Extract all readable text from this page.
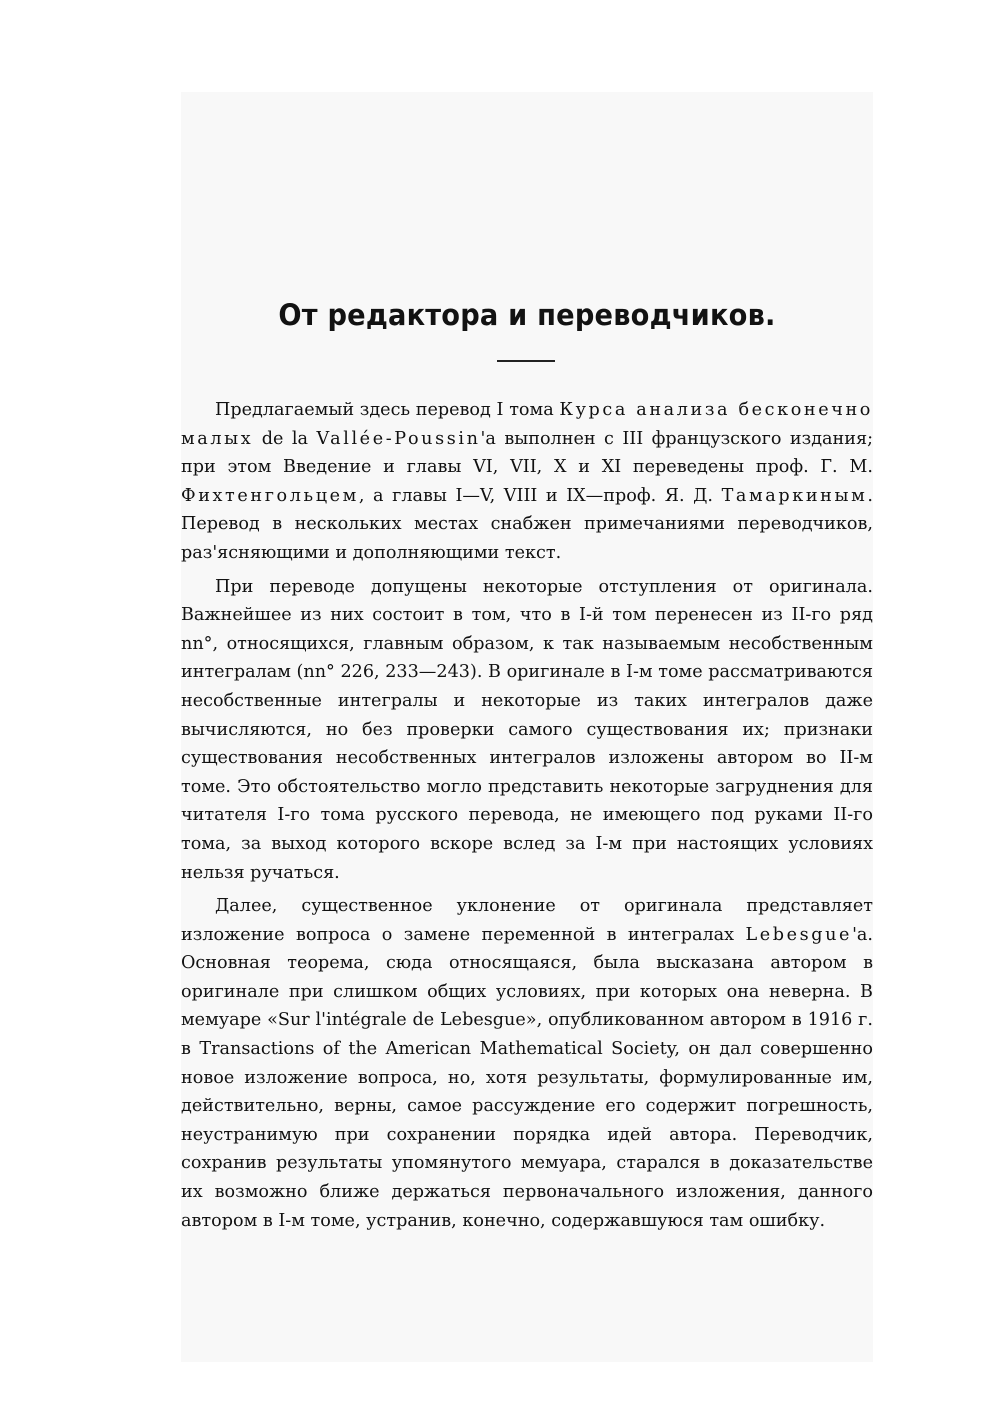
От редактора и переводчиков.

Предлагаемый здесь перевод I тома Курса анализа бесконечно малых de la Vallée-Poussin'а выполнен с III французского издания; при этом Введение и главы VI, VII, X и XI переведены проф. Г. М. Фихтенгольцем, а главы I—V, VIII и IX—проф. Я. Д. Тамаркиным. Перевод в нескольких местах снабжен примечаниями переводчиков, раз'ясняющими и дополняющими текст.

При переводе допущены некоторые отступления от оригинала. Важнейшее из них состоит в том, что в I-й том перенесен из II-го ряд nn°, относящихся, главным образом, к так называемым несобственным интегралам (nn° 226, 233—243). В оригинале в I-м томе рассматриваются несобственные интегралы и некоторые из таких интегралов даже вычисляются, но без проверки самого существования их; признаки существования несобственных интегралов изложены автором во II-м томе. Это обстоятельство могло представить некоторые загруднения для читателя I-го тома русского перевода, не имеющего под руками II-го тома, за выход которого вскоре вслед за I-м при настоящих условиях нельзя ручаться.

Далее, существенное уклонение от оригинала представляет изложение вопроса о замене переменной в интегралах Lebesgue'а. Основная теорема, сюда относящаяся, была высказана автором в оригинале при слишком общих условиях, при которых она неверна. В мемуаре «Sur l'intégrale de Lebesgue», опубликованном автором в 1916 г. в Transactions of the American Mathematical Society, он дал совершенно новое изложение вопроса, но, хотя результаты, формулированные им, действительно, верны, самое рассуждение его содержит погрешность, неустранимую при сохранении порядка идей автора. Переводчик, сохранив результаты упомянутого мемуара, старался в доказательстве их возможно ближе держаться первоначального изложения, данного автором в I-м томе, устранив, конечно, содержавшуюся там ошибку.
